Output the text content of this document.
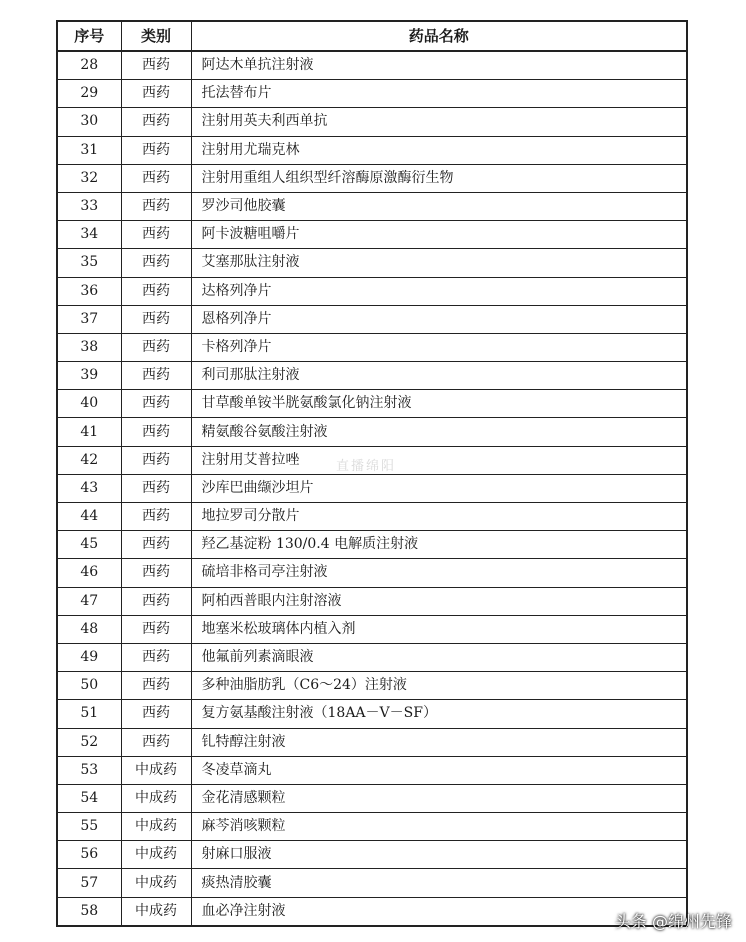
序号	类别	药品名称
28	西药	阿达木单抗注射液
29	西药	托法替布片
30	西药	注射用英夫利西单抗
31	西药	注射用尤瑞克林
32	西药	注射用重组人组织型纤溶酶原激酶衍生物
33	西药	罗沙司他胶囊
34	西药	阿卡波糖咀嚼片
35	西药	艾塞那肽注射液
36	西药	达格列净片
37	西药	恩格列净片
38	西药	卡格列净片
39	西药	利司那肽注射液
40	西药	甘草酸单铵半胱氨酸氯化钠注射液
41	西药	精氨酸谷氨酸注射液
42	西药	注射用艾普拉唑
43	西药	沙库巴曲缬沙坦片
44	西药	地拉罗司分散片
45	西药	羟乙基淀粉 130/0.4 电解质注射液
46	西药	硫培非格司亭注射液
47	西药	阿柏西普眼内注射溶液
48	西药	地塞米松玻璃体内植入剂
49	西药	他氟前列素滴眼液
50	西药	多种油脂肪乳（C6～24）注射液
51	西药	复方氨基酸注射液（18AA－V－SF）
52	西药	钆特醇注射液
53	中成药	冬凌草滴丸
54	中成药	金花清感颗粒
55	中成药	麻芩消咳颗粒
56	中成药	射麻口服液
57	中成药	痰热清胶囊
58	中成药	血必净注射液
直播绵阳
头条 @绵州先锋
